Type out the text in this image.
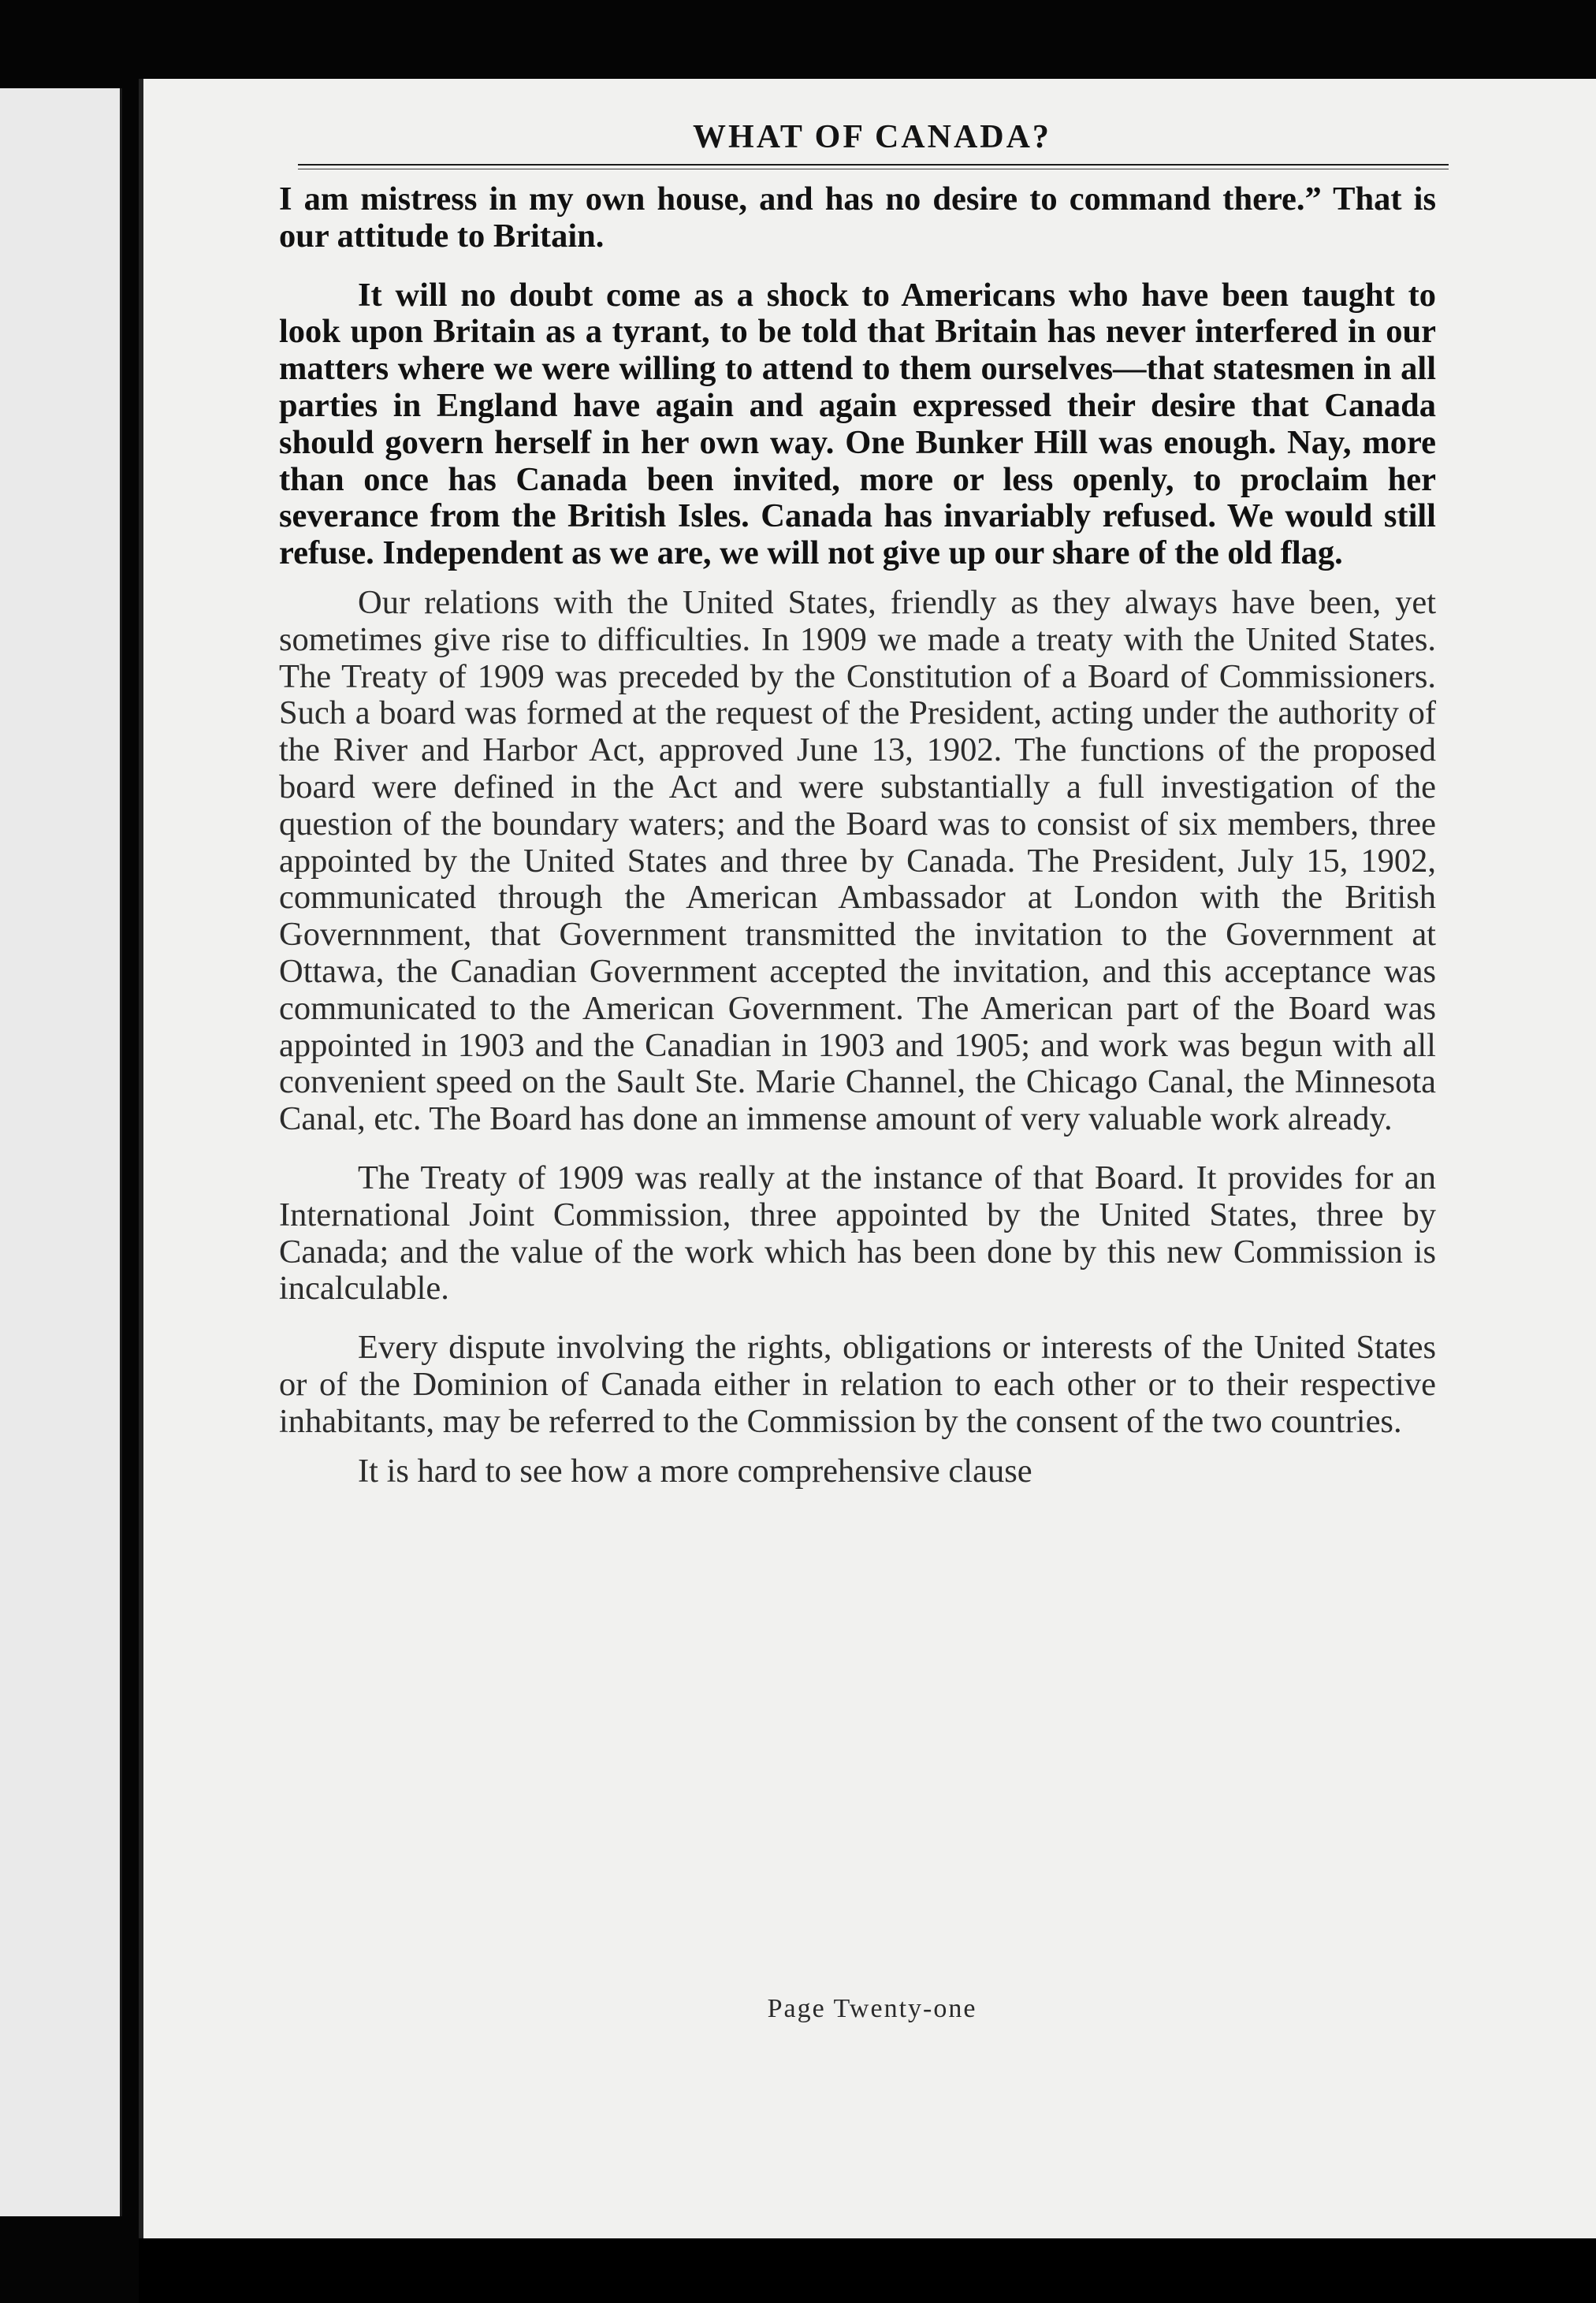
WHAT OF CANADA?

I am mistress in my own house, and has no desire to command there.” That is our attitude to Britain.

It will no doubt come as a shock to Americans who have been taught to look upon Britain as a tyrant, to be told that Britain has never interfered in our matters where we were willing to attend to them ourselves—that statesmen in all parties in England have again and again expressed their desire that Canada should govern herself in her own way. One Bunker Hill was enough. Nay, more than once has Canada been invited, more or less openly, to proclaim her severance from the British Isles. Canada has invariably refused. We would still refuse. Independent as we are, we will not give up our share of the old flag.

Our relations with the United States, friendly as they always have been, yet sometimes give rise to difficulties. In 1909 we made a treaty with the United States. The Treaty of 1909 was preceded by the Constitution of a Board of Commissioners. Such a board was formed at the request of the President, acting under the authority of the River and Harbor Act, approved June 13, 1902. The functions of the proposed board were defined in the Act and were substantially a full investigation of the question of the boundary waters; and the Board was to consist of six members, three appointed by the United States and three by Canada. The President, July 15, 1902, communicated through the American Ambassador at London with the British Governnment, that Government transmitted the invitation to the Government at Ottawa, the Canadian Government accepted the invitation, and this acceptance was communicated to the American Government. The American part of the Board was appointed in 1903 and the Canadian in 1903 and 1905; and work was begun with all convenient speed on the Sault Ste. Marie Channel, the Chicago Canal, the Minnesota Canal, etc. The Board has done an immense amount of very valuable work already.

The Treaty of 1909 was really at the instance of that Board. It provides for an International Joint Commission, three appointed by the United States, three by Canada; and the value of the work which has been done by this new Commission is incalculable.

Every dispute involving the rights, obligations or interests of the United States or of the Dominion of Canada either in relation to each other or to their respective inhabitants, may be referred to the Commission by the consent of the two countries.

It is hard to see how a more comprehensive clause

Page Twenty-one
